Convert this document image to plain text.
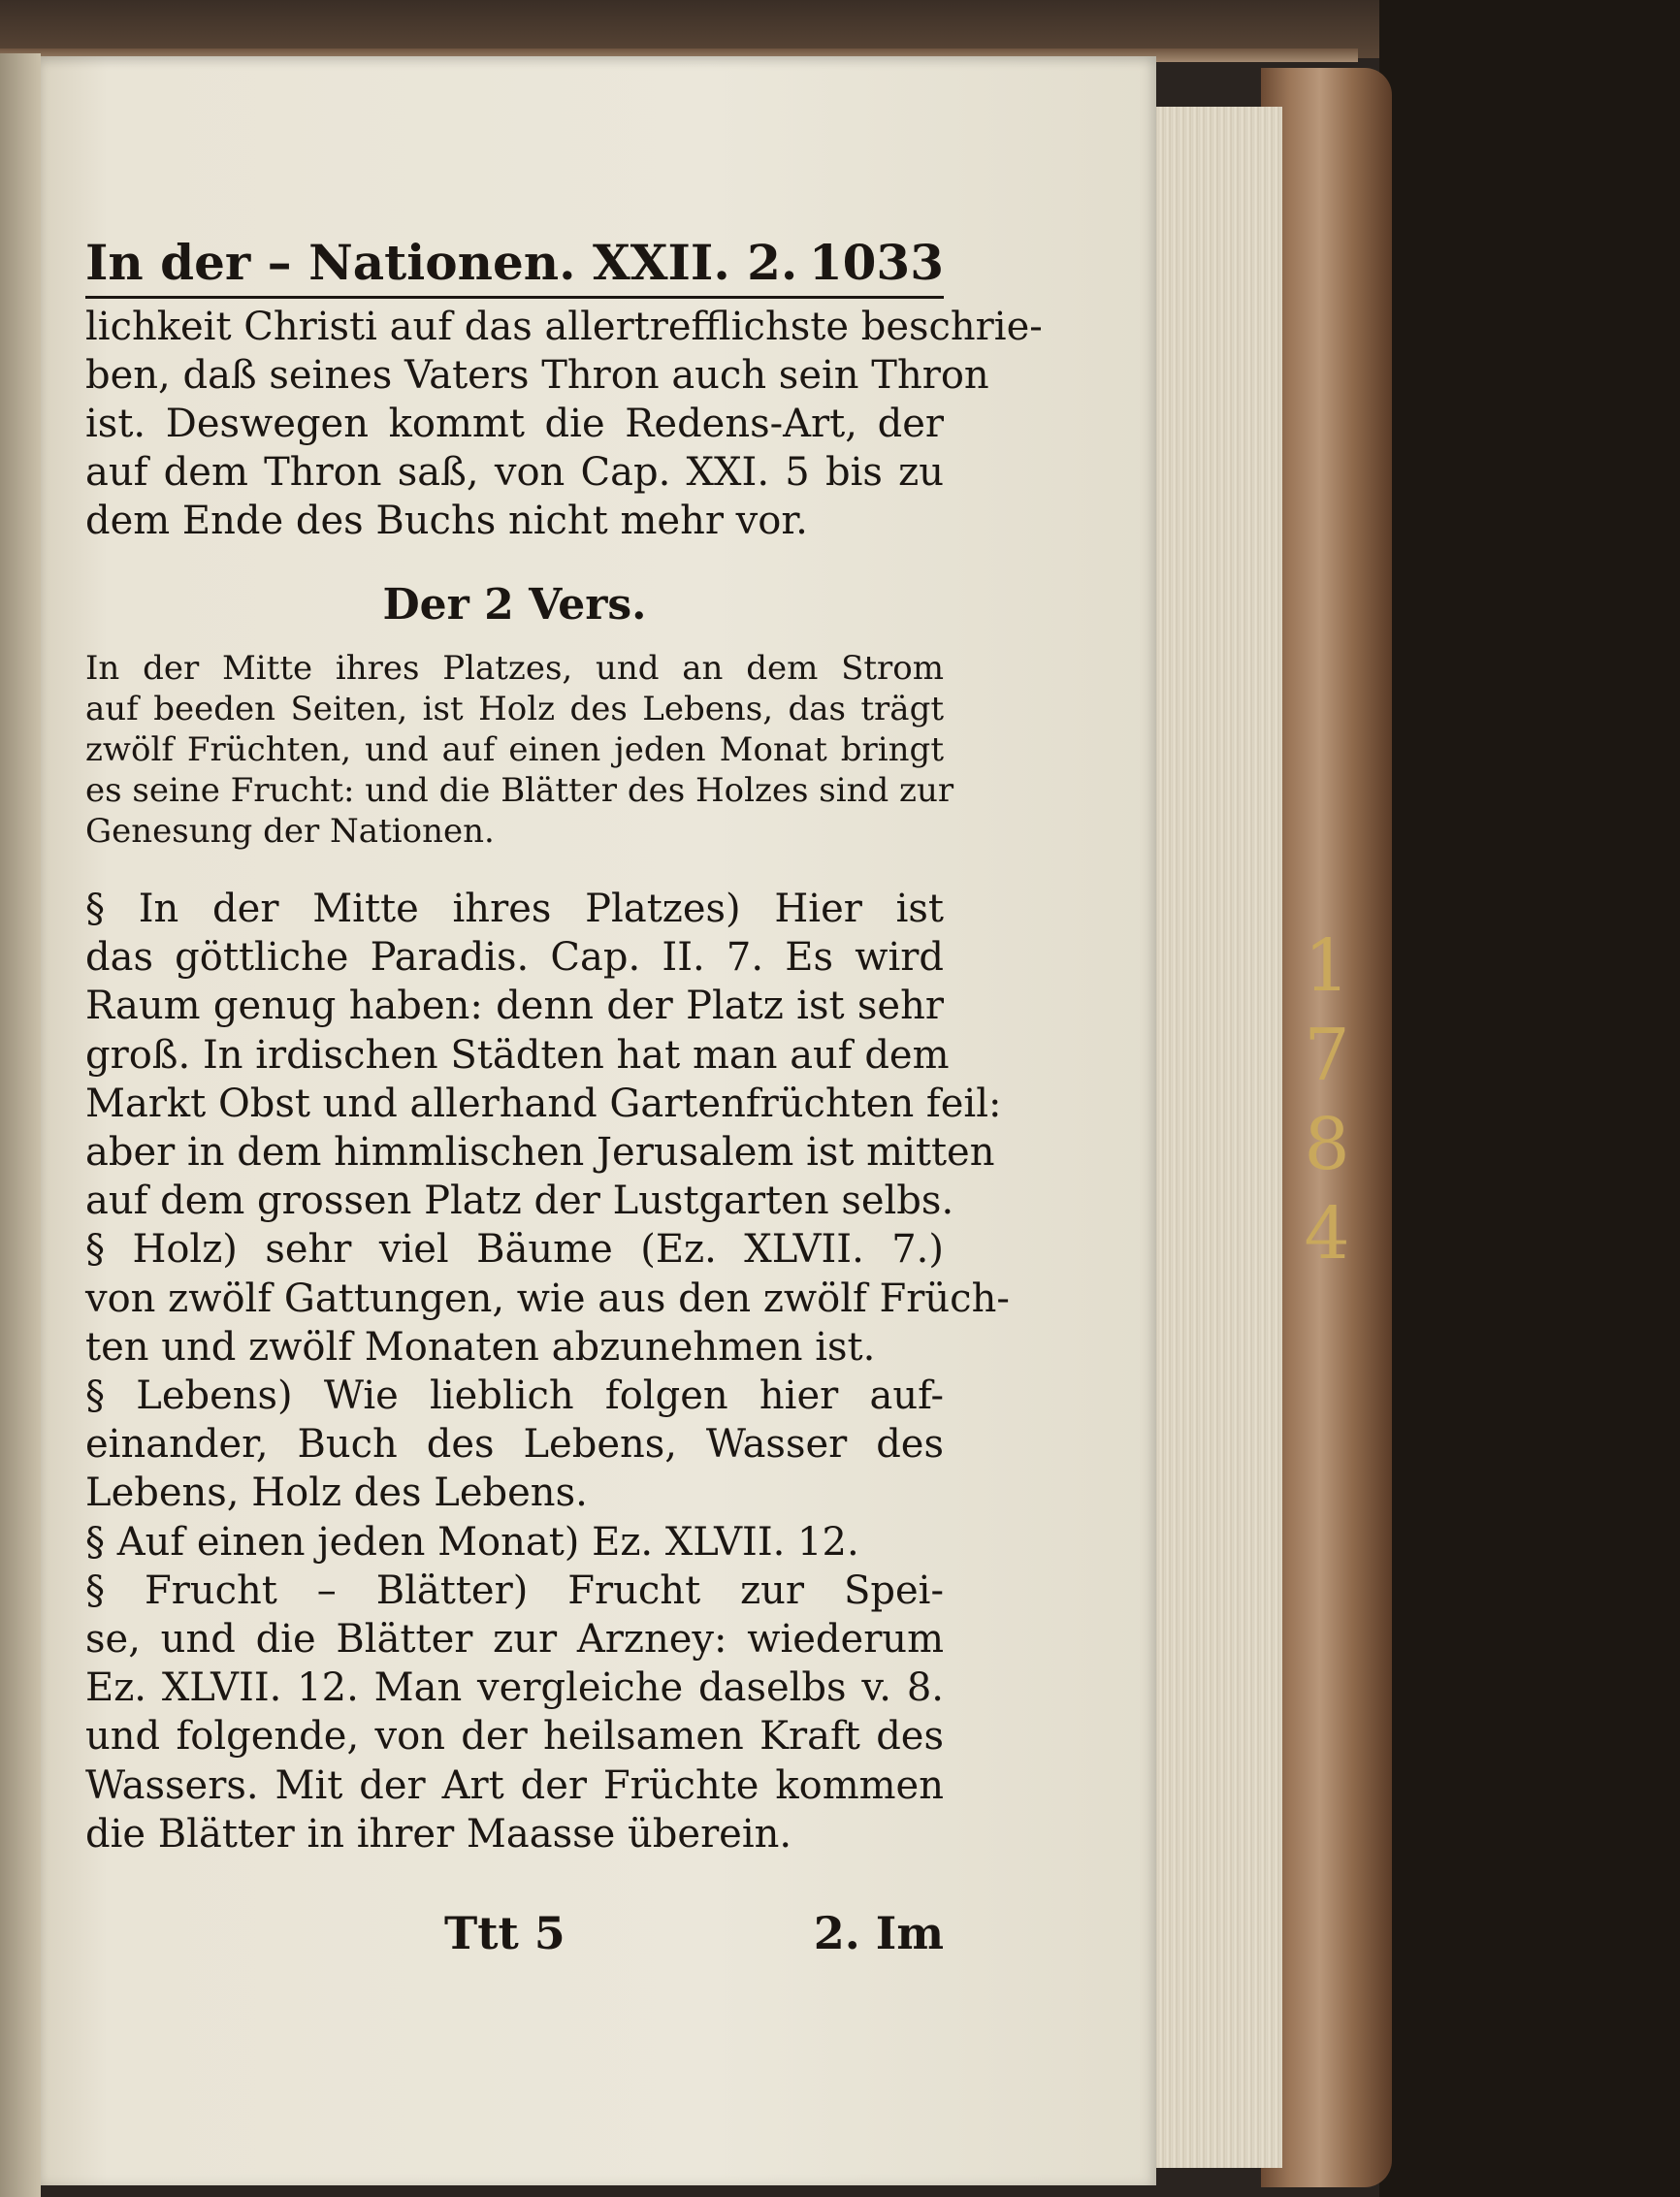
1
7
8
4
In der – Nationen. XXII. 2. 1033

lichkeit Christi auf das allertrefflichste beschrie-

ben, daß seines Vaters Thron auch sein Thron

ist. Deswegen kommt die Redens-Art, der

auf dem Thron saß, von Cap. XXI. 5 bis zu

dem Ende des Buchs nicht mehr vor.

Der 2 Vers.

In der Mitte ihres Platzes, und an dem Strom

auf beeden Seiten, ist Holz des Lebens, das trägt

zwölf Früchten, und auf einen jeden Monat bringt

es seine Frucht: und die Blätter des Holzes sind zur

Genesung der Nationen.

§ In der Mitte ihres Platzes) Hier ist

das göttliche Paradis. Cap. II. 7. Es wird

Raum genug haben: denn der Platz ist sehr

groß. In irdischen Städten hat man auf dem

Markt Obst und allerhand Gartenfrüchten feil:

aber in dem himmlischen Jerusalem ist mitten

auf dem grossen Platz der Lustgarten selbs.

§ Holz) sehr viel Bäume (Ez. XLVII. 7.)

von zwölf Gattungen, wie aus den zwölf Früch-

ten und zwölf Monaten abzunehmen ist.

§ Lebens) Wie lieblich folgen hier auf-

einander, Buch des Lebens, Wasser des

Lebens, Holz des Lebens.

§ Auf einen jeden Monat) Ez. XLVII. 12.

§ Frucht – Blätter) Frucht zur Spei-

se, und die Blätter zur Arzney: wiederum

Ez. XLVII. 12. Man vergleiche daselbs v. 8.

und folgende, von der heilsamen Kraft des

Wassers. Mit der Art der Früchte kommen

die Blätter in ihrer Maasse überein.

Ttt 5	2. Im
